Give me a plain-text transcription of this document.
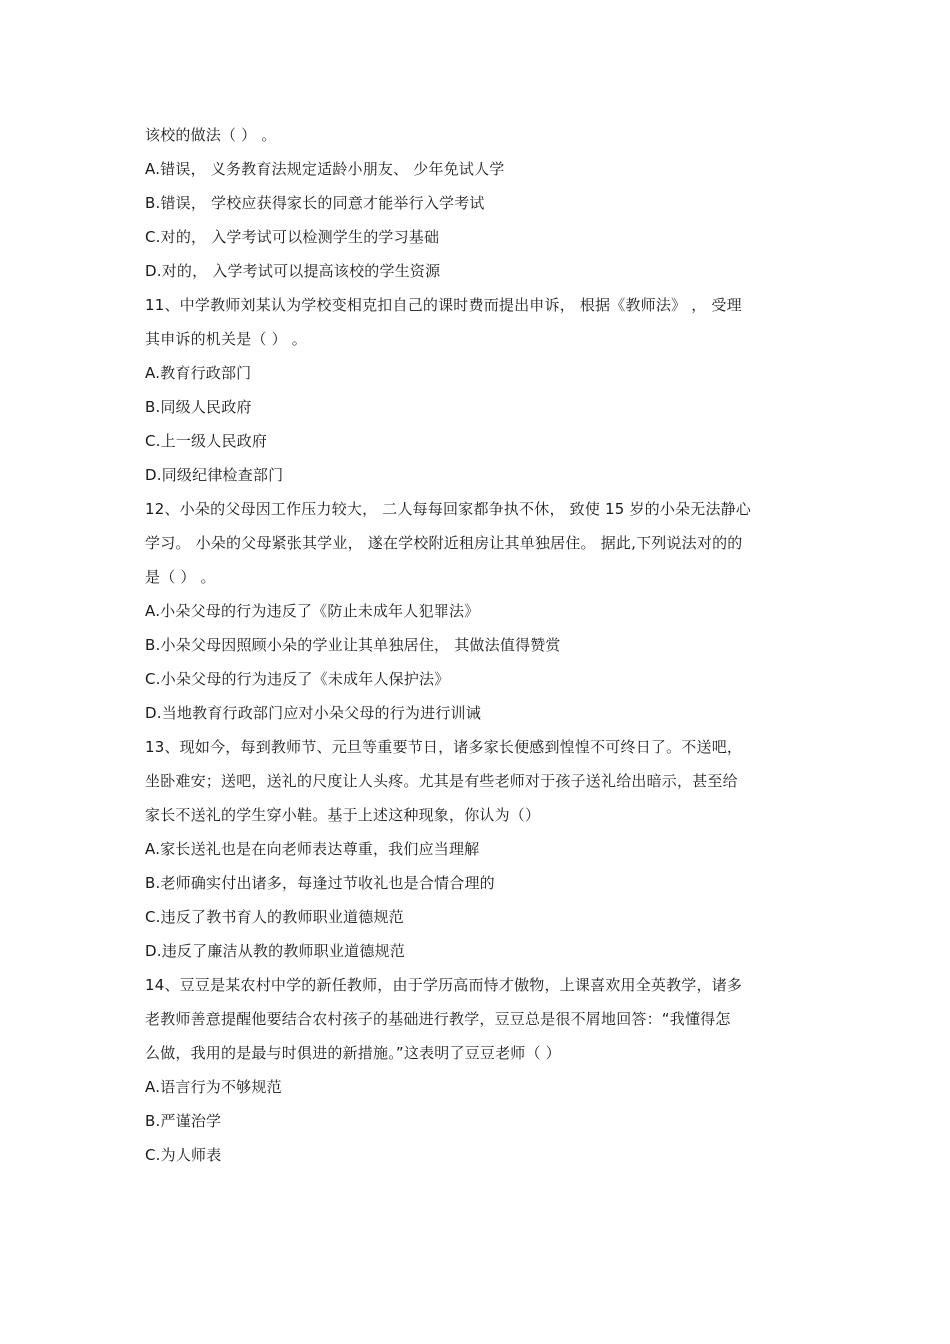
该校的做法（ ） 。
A.错误， 义务教育法规定适龄小朋友、 少年免试人学
B.错误， 学校应获得家长的同意才能举行入学考试
C.对的， 入学考试可以检测学生的学习基础
D.对的， 入学考试可以提高该校的学生资源
11、中学教师刘某认为学校变相克扣自己的课时费而提出申诉， 根据《教师法》 ， 受理
其申诉的机关是（ ） 。
A.教育行政部门
B.同级人民政府
C.上一级人民政府
D.同级纪律检查部门
12、小朵的父母因工作压力较大， 二人每每回家都争执不休， 致使 15 岁的小朵无法静心
学习。 小朵的父母紧张其学业， 遂在学校附近租房让其单独居住。 据此,下列说法对的的
是（ ） 。
A.小朵父母的行为违反了《防止未成年人犯罪法》
B.小朵父母因照顾小朵的学业让其单独居住， 其做法值得赞赏
C.小朵父母的行为违反了《未成年人保护法》
D.当地教育行政部门应对小朵父母的行为进行训诫
13、现如今，每到教师节、元旦等重要节日，诸多家长便感到惶惶不可终日了。不送吧，
坐卧难安；送吧，送礼的尺度让人头疼。尤其是有些老师对于孩子送礼给出暗示，甚至给
家长不送礼的学生穿小鞋。基于上述这种现象，你认为（）
A.家长送礼也是在向老师表达尊重，我们应当理解
B.老师确实付出诸多，每逢过节收礼也是合情合理的
C.违反了教书育人的教师职业道德规范
D.违反了廉洁从教的教师职业道德规范
14、豆豆是某农村中学的新任教师，由于学历高而恃才傲物，上课喜欢用全英教学，诸多
老教师善意提醒他要结合农村孩子的基础进行教学，豆豆总是很不屑地回答：“我懂得怎
么做，我用的是最与时俱进的新措施。”这表明了豆豆老师（ ）
A.语言行为不够规范
B.严谨治学
C.为人师表
